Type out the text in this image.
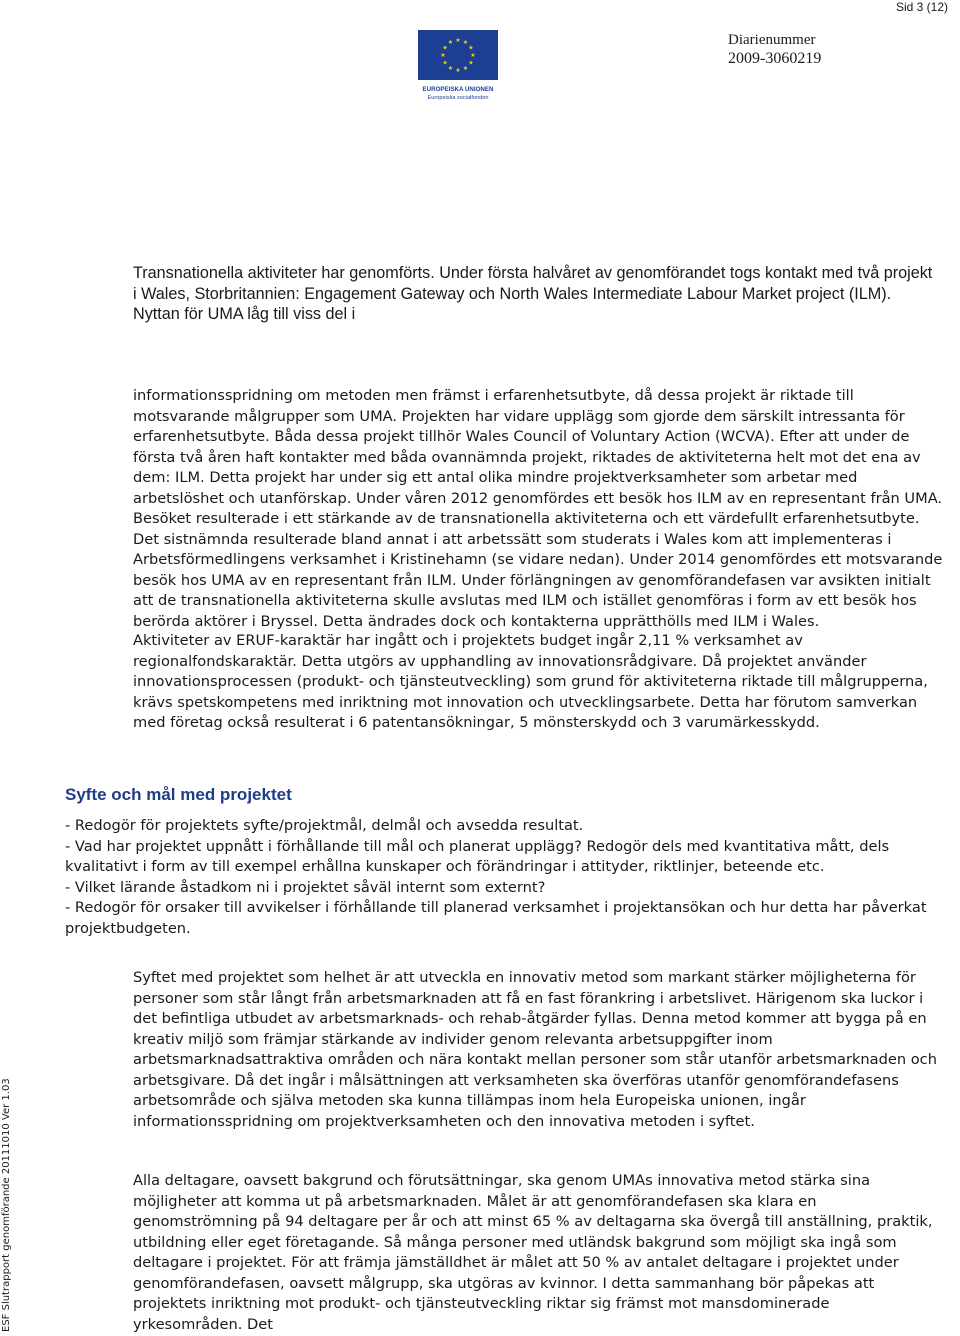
Sid 3 (12)
★ ★
★
★
★
★
★
★
★
★
★
★
EUROPEISKA UNIONEN
Europeiska socialfonden
Diarienummer
2009-3060219
ESF Slutrapport genomförande 20111010 Ver 1.03

Transnationella aktiviteter har genomförts. Under första halvåret av genomförandet togs kontakt med två projekt i Wales, Storbritannien: Engagement Gateway och North Wales Intermediate Labour Market project (ILM). Nyttan för UMA låg till viss del i

informationsspridning om metoden men främst i erfarenhetsutbyte, då dessa projekt är riktade till motsvarande målgrupper som UMA. Projekten har vidare upplägg som gjorde dem särskilt intressanta för erfarenhetsutbyte. Båda dessa projekt tillhör Wales Council of Voluntary Action (WCVA). Efter att under de första två åren haft kontakter med båda ovannämnda projekt, riktades de aktiviteterna helt mot det ena av dem: ILM. Detta projekt har under sig ett antal olika mindre projektverksamheter som arbetar med arbetslöshet och utanförskap. Under våren 2012 genomfördes ett besök hos ILM av en representant från UMA. Besöket resulterade i ett stärkande av de transnationella aktiviteterna och ett värdefullt erfarenhetsutbyte. Det sistnämnda resulterade bland annat i att arbetssätt som studerats i Wales kom att implementeras i Arbetsförmedlingens verksamhet i Kristinehamn (se vidare nedan). Under 2014 genomfördes ett motsvarande besök hos UMA av en representant från ILM. Under förlängningen av genomförandefasen var avsikten initialt att de transnationella aktiviteterna skulle avslutas med ILM och istället genomföras i form av ett besök hos berörda aktörer i Bryssel. Detta ändrades dock och kontakterna upprätthölls med ILM i Wales.

Aktiviteter av ERUF-karaktär har ingått och i projektets budget ingår 2,11 % verksamhet av regionalfondskaraktär. Detta utgörs av upphandling av innovationsrådgivare. Då projektet använder innovationsprocessen (produkt- och tjänsteutveckling) som grund för aktiviteterna riktade till målgrupperna, krävs spetskompetens med inriktning mot innovation och utvecklingsarbete. Detta har förutom samverkan med företag också resulterat i 6 patentansökningar, 5 mönsterskydd och 3 varumärkesskydd.

Syfte och mål med projektet
- Redogör för projektets syfte/projektmål, delmål och avsedda resultat.
- Vad har projektet uppnått i förhållande till mål och planerat upplägg? Redogör dels med kvantitativa mått, dels kvalitativt i form av till exempel erhållna kunskaper och förändringar i attityder, riktlinjer, beteende etc.
- Vilket lärande åstadkom ni i projektet såväl internt som externt?
- Redogör för orsaker till avvikelser i förhållande till planerad verksamhet i projektansökan och hur detta har påverkat projektbudgeten.

Syftet med projektet som helhet är att utveckla en innovativ metod som markant stärker möjligheterna för personer som står långt från arbetsmarknaden att få en fast förankring i arbetslivet. Härigenom ska luckor i det befintliga utbudet av arbetsmarknads- och rehab-åtgärder fyllas. Denna metod kommer att bygga på en kreativ miljö som främjar stärkande av individer genom relevanta arbetsuppgifter inom arbetsmarknadsattraktiva områden och nära kontakt mellan personer som står utanför arbetsmarknaden och arbetsgivare. Då det ingår i målsättningen att verksamheten ska överföras utanför genomförandefasens arbetsområde och själva metoden ska kunna tillämpas inom hela Europeiska unionen, ingår informationsspridning om projektverksamheten och den innovativa metoden i syftet.

Alla deltagare, oavsett bakgrund och förutsättningar, ska genom UMAs innovativa metod stärka sina möjligheter att komma ut på arbetsmarknaden. Målet är att genomförandefasen ska klara en genomströmning på 94 deltagare per år och att minst 65 % av deltagarna ska övergå till anställning, praktik, utbildning eller eget företagande. Så många personer med utländsk bakgrund som möjligt ska ingå som deltagare i projektet. För att främja jämställdhet är målet att 50 % av antalet deltagare i projektet under genomförandefasen, oavsett målgrupp, ska utgöras av kvinnor. I detta sammanhang bör påpekas att projektets inriktning mot produkt- och tjänsteutveckling riktar sig främst mot mansdominerade yrkesområden. Det
